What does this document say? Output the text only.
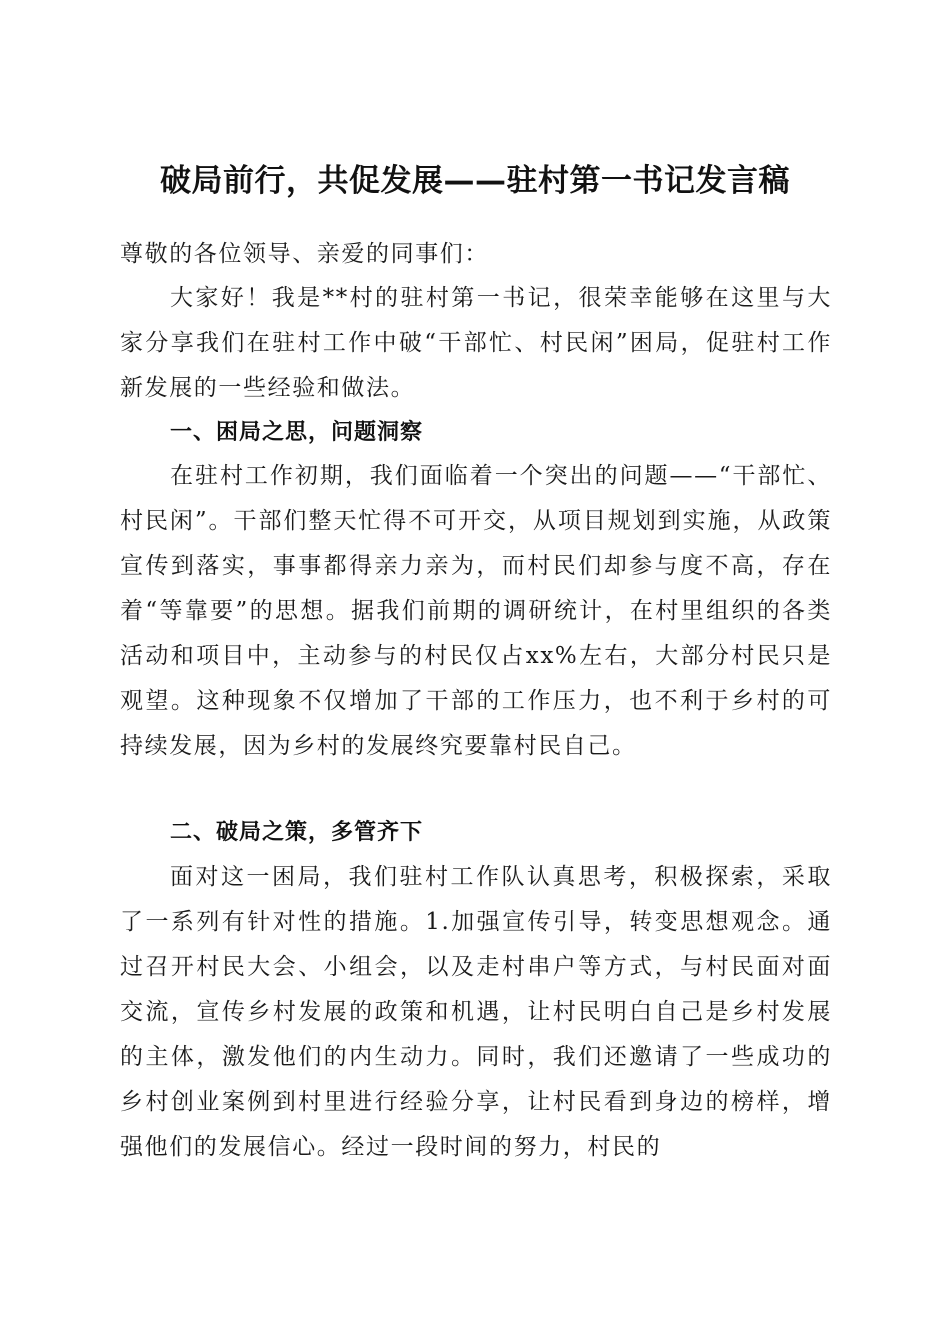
破局前行，共促发展——驻村第一书记发言稿

尊敬的各位领导、亲爱的同事们：

大家好！我是**村的驻村第一书记，很荣幸能够在这里与大家分享我们在驻村工作中破“干部忙、村民闲”困局，促驻村工作新发展的一些经验和做法。

一、困局之思，问题洞察

在驻村工作初期，我们面临着一个突出的问题——“干部忙、村民闲”。干部们整天忙得不可开交，从项目规划到实施，从政策宣传到落实，事事都得亲力亲为，而村民们却参与度不高，存在着“等靠要”的思想。据我们前期的调研统计，在村里组织的各类活动和项目中，主动参与的村民仅占xx%左右，大部分村民只是观望。这种现象不仅增加了干部的工作压力，也不利于乡村的可持续发展，因为乡村的发展终究要靠村民自己。

二、破局之策，多管齐下

面对这一困局，我们驻村工作队认真思考，积极探索，采取了一系列有针对性的措施。1.加强宣传引导，转变思想观念。通过召开村民大会、小组会，以及走村串户等方式，与村民面对面交流，宣传乡村发展的政策和机遇，让村民明白自己是乡村发展的主体，激发他们的内生动力。同时，我们还邀请了一些成功的乡村创业案例到村里进行经验分享，让村民看到身边的榜样，增强他们的发展信心。经过一段时间的努力，村民的
